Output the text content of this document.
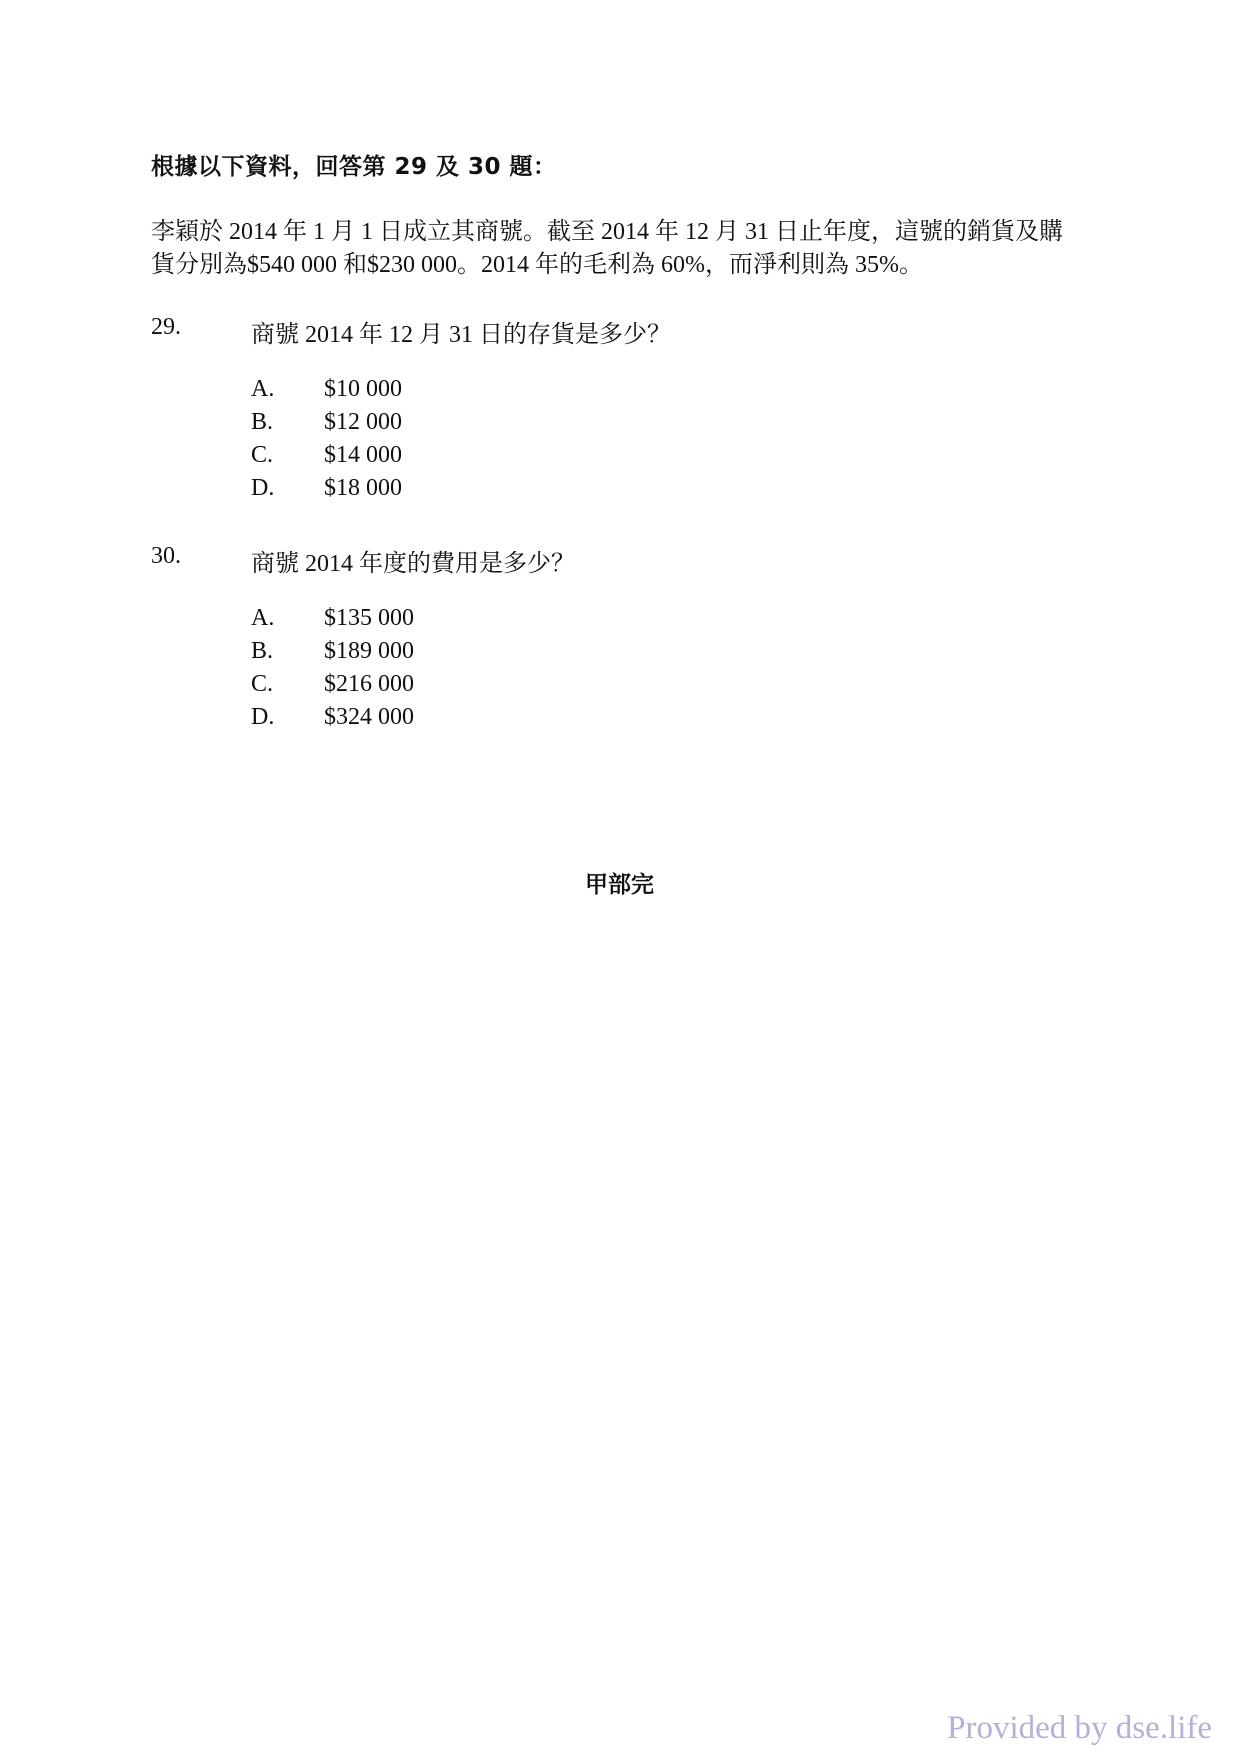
根據以下資料，回答第 29 及 30 題：
李穎於 2014 年 1 月 1 日成立其商號。截至 2014 年 12 月 31 日止年度，這號的銷貨及購
貨分別為$540 000 和$230 000。2014 年的毛利為 60%，而淨利則為 35%。
29.	商號 2014 年 12 月 31 日的存貨是多少？
A. $10 000
B. $12 000
C. $14 000
D. $18 000
30.	商號 2014 年度的費用是多少？
A. $135 000
B. $189 000
C. $216 000
D. $324 000
甲部完
Provided by dse.life
